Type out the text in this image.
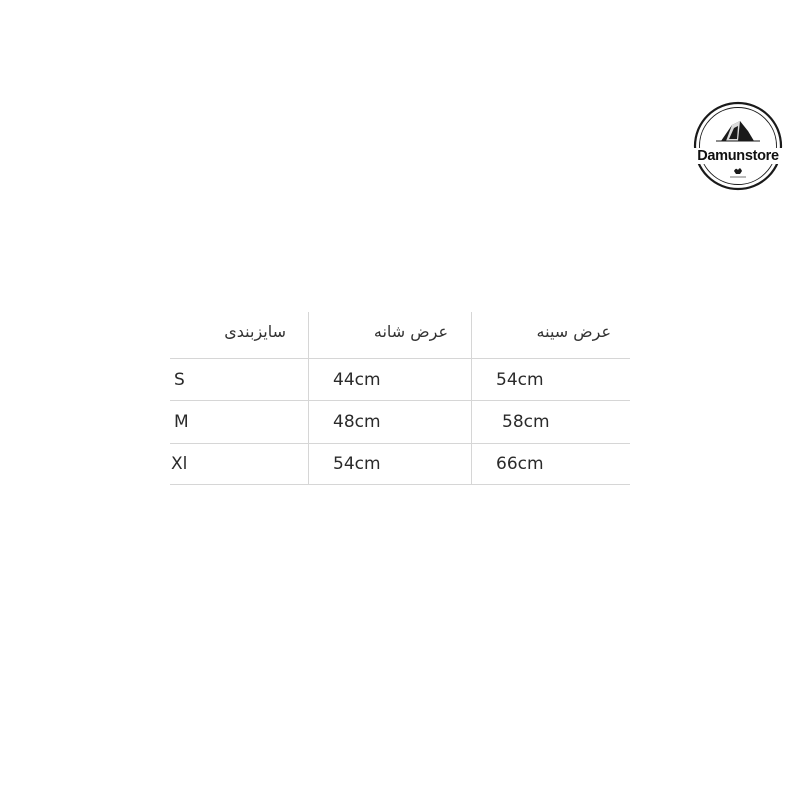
Damunstore
سایزبندی	عرض شانه	عرض سینه
S	44cm	54cm
M	48cm	58cm
Xl	54cm	66cm
